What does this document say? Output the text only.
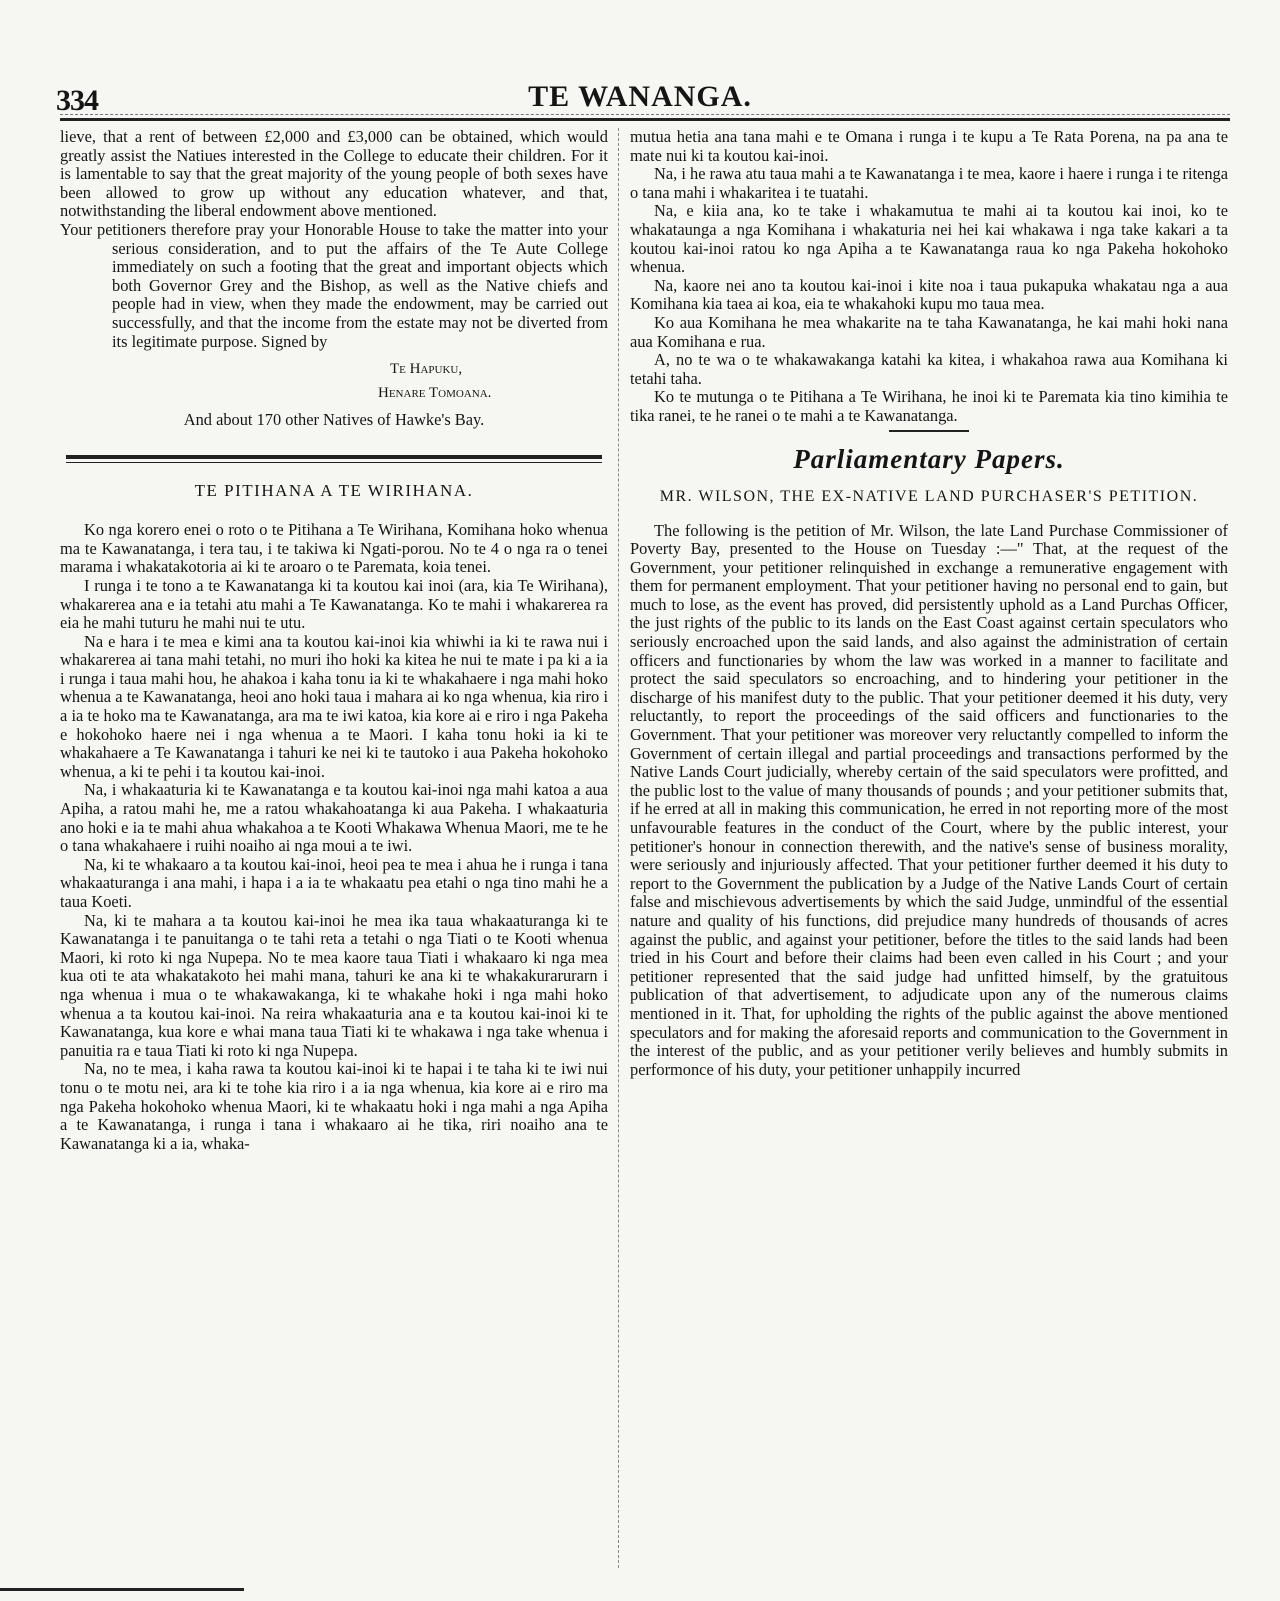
334	TE WANANGA.

lieve, that a rent of between £2,000 and £3,000 can be obtained, which would greatly assist the Natiues interested in the College to educate their children. For it is lamentable to say that the great majority of the young people of both sexes have been allowed to grow up without any education whatever, and that, notwithstanding the liberal endowment above mentioned.

Your petitioners therefore pray your Honorable House to take the matter into your serious consideration, and to put the affairs of the Te Aute College immediately on such a footing that the great and important objects which both Governor Grey and the Bishop, as well as the Native chiefs and people had in view, when they made the endowment, may be carried out successfully, and that the income from the estate may not be diverted from its legitimate purpose. Signed by

Te Hapuku,
Henare Tomoana.
And about 170 other Natives of Hawke's Bay.
TE PITIHANA A TE WIRIHANA.

Ko nga korero enei o roto o te Pitihana a Te Wirihana, Komihana hoko whenua ma te Kawanatanga, i tera tau, i te takiwa ki Ngati-porou. No te 4 o nga ra o tenei marama i whakatakotoria ai ki te aroaro o te Paremata, koia tenei.

I runga i te tono a te Kawanatanga ki ta koutou kai inoi (ara, kia Te Wirihana), whakarerea ana e ia tetahi atu mahi a Te Kawanatanga. Ko te mahi i whakarerea ra eia he mahi tuturu he mahi nui te utu.

Na e hara i te mea e kimi ana ta koutou kai-inoi kia whiwhi ia ki te rawa nui i whakarerea ai tana mahi tetahi, no muri iho hoki ka kitea he nui te mate i pa ki a ia i runga i taua mahi hou, he ahakoa i kaha tonu ia ki te whakahaere i nga mahi hoko whenua a te Kawanatanga, heoi ano hoki taua i mahara ai ko nga whenua, kia riro i a ia te hoko ma te Kawanatanga, ara ma te iwi katoa, kia kore ai e riro i nga Pakeha e hokohoko haere nei i nga whenua a te Maori. I kaha tonu hoki ia ki te whakahaere a Te Kawanatanga i tahuri ke nei ki te tautoko i aua Pakeha hokohoko whenua, a ki te pehi i ta koutou kai-inoi.

Na, i whakaaturia ki te Kawanatanga e ta koutou kai-inoi nga mahi katoa a aua Apiha, a ratou mahi he, me a ratou whakahoatanga ki aua Pakeha. I whakaaturia ano hoki e ia te mahi ahua whakahoa a te Kooti Whakawa Whenua Maori, me te he o tana whakahaere i ruihi noaiho ai nga moui a te iwi.

Na, ki te whakaaro a ta koutou kai-inoi, heoi pea te mea i ahua he i runga i tana whakaaturanga i ana mahi, i hapa i a ia te whakaatu pea etahi o nga tino mahi he a taua Koeti.

Na, ki te mahara a ta koutou kai-inoi he mea ika taua whakaaturanga ki te Kawanatanga i te panuitanga o te tahi reta a tetahi o nga Tiati o te Kooti whenua Maori, ki roto ki nga Nupepa. No te mea kaore taua Tiati i whakaaro ki nga mea kua oti te ata whakatakoto hei mahi mana, tahuri ke ana ki te whakakurarurarn i nga whenua i mua o te whakawakanga, ki te whakahe hoki i nga mahi hoko whenua a ta koutou kai-inoi. Na reira whakaaturia ana e ta koutou kai-inoi ki te Kawanatanga, kua kore e whai mana taua Tiati ki te whakawa i nga take whenua i panuitia ra e taua Tiati ki roto ki nga Nupepa.

Na, no te mea, i kaha rawa ta koutou kai-inoi ki te hapai i te taha ki te iwi nui tonu o te motu nei, ara ki te tohe kia riro i a ia nga whenua, kia kore ai e riro ma nga Pakeha hokohoko whenua Maori, ki te whakaatu hoki i nga mahi a nga Apiha a te Kawanatanga, i runga i tana i whakaaro ai he tika, riri noaiho ana te Kawanatanga ki a ia, whaka-

mutua hetia ana tana mahi e te Omana i runga i te kupu a Te Rata Porena, na pa ana te mate nui ki ta koutou kai-inoi.

Na, i he rawa atu taua mahi a te Kawanatanga i te mea, kaore i haere i runga i te ritenga o tana mahi i whakaritea i te tuatahi.

Na, e kiia ana, ko te take i whakamutua te mahi ai ta koutou kai inoi, ko te whakataunga a nga Komihana i whakaturia nei hei kai whakawa i nga take kakari a ta koutou kai-inoi ratou ko nga Apiha a te Kawanatanga raua ko nga Pakeha hokohoko whenua.

Na, kaore nei ano ta koutou kai-inoi i kite noa i taua pukapuka whakatau nga a aua Komihana kia taea ai koa, eia te whakahoki kupu mo taua mea.

Ko aua Komihana he mea whakarite na te taha Kawanatanga, he kai mahi hoki nana aua Komihana e rua.

A, no te wa o te whakawakanga katahi ka kitea, i whakahoa rawa aua Komihana ki tetahi taha.

Ko te mutunga o te Pitihana a Te Wirihana, he inoi ki te Paremata kia tino kimihia te tika ranei, te he ranei o te mahi a te Kawanatanga.

Parliamentary Papers.
MR. WILSON, THE EX-NATIVE LAND PURCHASER'S PETITION.

The following is the petition of Mr. Wilson, the late Land Purchase Commissioner of Poverty Bay, presented to the House on Tuesday :—" That, at the request of the Government, your petitioner relinquished in exchange a remunerative engagement with them for permanent employment. That your petitioner having no personal end to gain, but much to lose, as the event has proved, did persistently uphold as a Land Purchas Officer, the just rights of the public to its lands on the East Coast against certain speculators who seriously encroached upon the said lands, and also against the administration of certain officers and functionaries by whom the law was worked in a manner to facilitate and protect the said speculators so encroaching, and to hindering your petitioner in the discharge of his manifest duty to the public. That your petitioner deemed it his duty, very reluctantly, to report the proceedings of the said officers and functionaries to the Government. That your petitioner was moreover very reluctantly compelled to inform the Government of certain illegal and partial proceedings and transactions performed by the Native Lands Court judicially, whereby certain of the said speculators were profitted, and the public lost to the value of many thousands of pounds ; and your petitioner submits that, if he erred at all in making this communication, he erred in not reporting more of the most unfavourable features in the conduct of the Court, where by the public interest, your petitioner's honour in connection therewith, and the native's sense of business morality, were seriously and injuriously affected. That your petitioner further deemed it his duty to report to the Government the publication by a Judge of the Native Lands Court of certain false and mischievous advertisements by which the said Judge, unmindful of the essential nature and quality of his functions, did prejudice many hundreds of thousands of acres against the public, and against your petitioner, before the titles to the said lands had been tried in his Court and before their claims had been even called in his Court ; and your petitioner represented that the said judge had unfitted himself, by the gratuitous publication of that advertisement, to adjudicate upon any of the numerous claims mentioned in it. That, for upholding the rights of the public against the above mentioned speculators and for making the aforesaid reports and communication to the Government in the interest of the public, and as your petitioner verily believes and humbly submits in performonce of his duty, your petitioner unhappily incurred
